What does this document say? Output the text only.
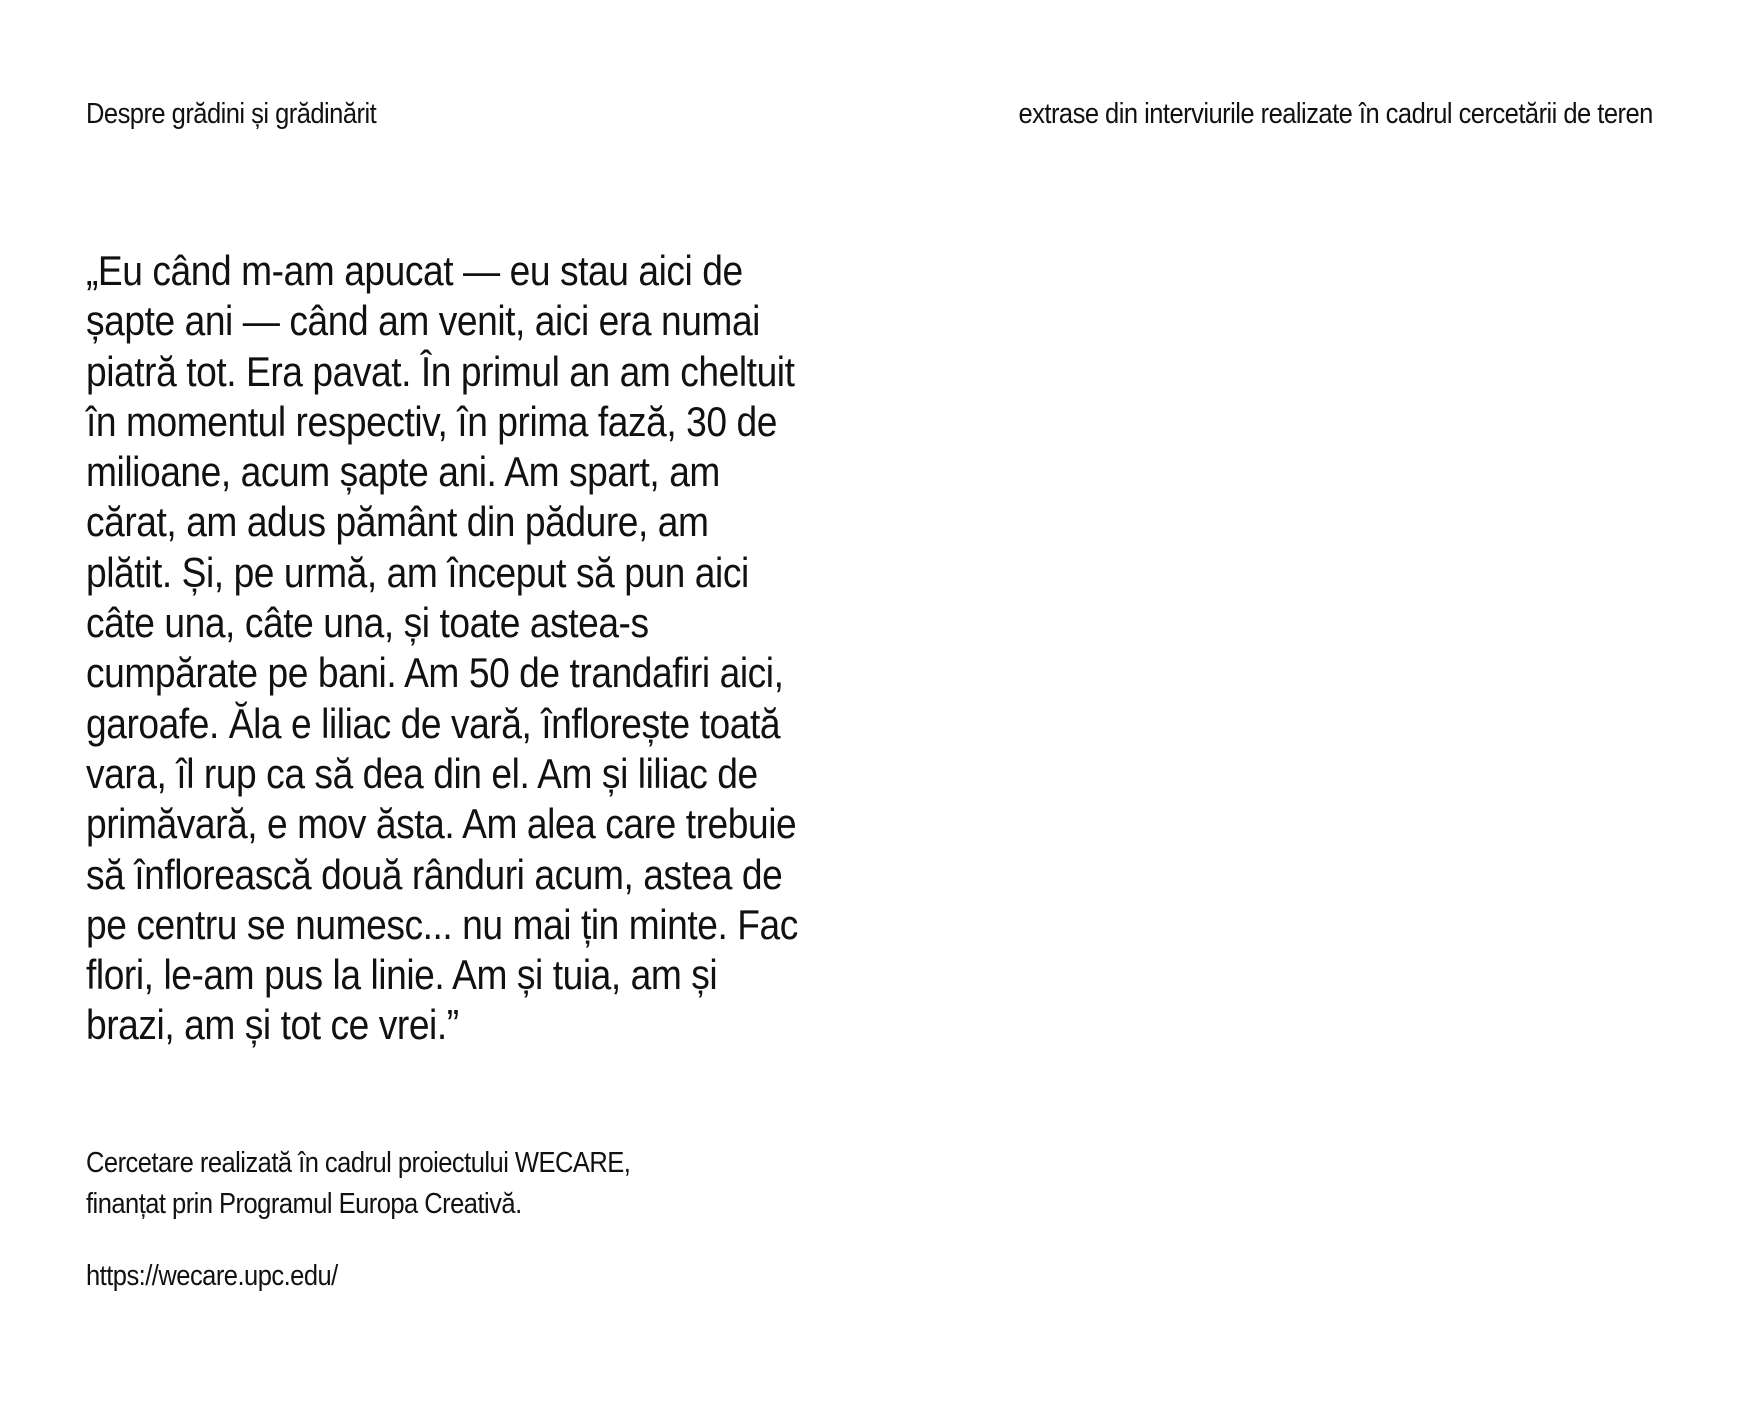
Despre grădini și grădinărit	extrase din interviurile realizate în cadrul cercetării de teren
„Eu când m-am apucat — eu stau aici de
șapte ani — când am venit, aici era numai
piatră tot. Era pavat. În primul an am cheltuit
în momentul respectiv, în prima fază, 30 de
milioane, acum șapte ani. Am spart, am
cărat, am adus pământ din pădure, am
plătit. Și, pe urmă, am început să pun aici
câte una, câte una, și toate astea-s
cumpărate pe bani. Am 50 de trandafiri aici,
garoafe. Ăla e liliac de vară, înflorește toată
vara, îl rup ca să dea din el. Am și liliac de
primăvară, e mov ăsta. Am alea care trebuie
să înflorească două rânduri acum, astea de
pe centru se numesc... nu mai țin minte. Fac
flori, le-am pus la linie. Am și tuia, am și
brazi, am și tot ce vrei.”
Cercetare realizată în cadrul proiectului WECARE,
finanțat prin Programul Europa Creativă.
https://wecare.upc.edu/
